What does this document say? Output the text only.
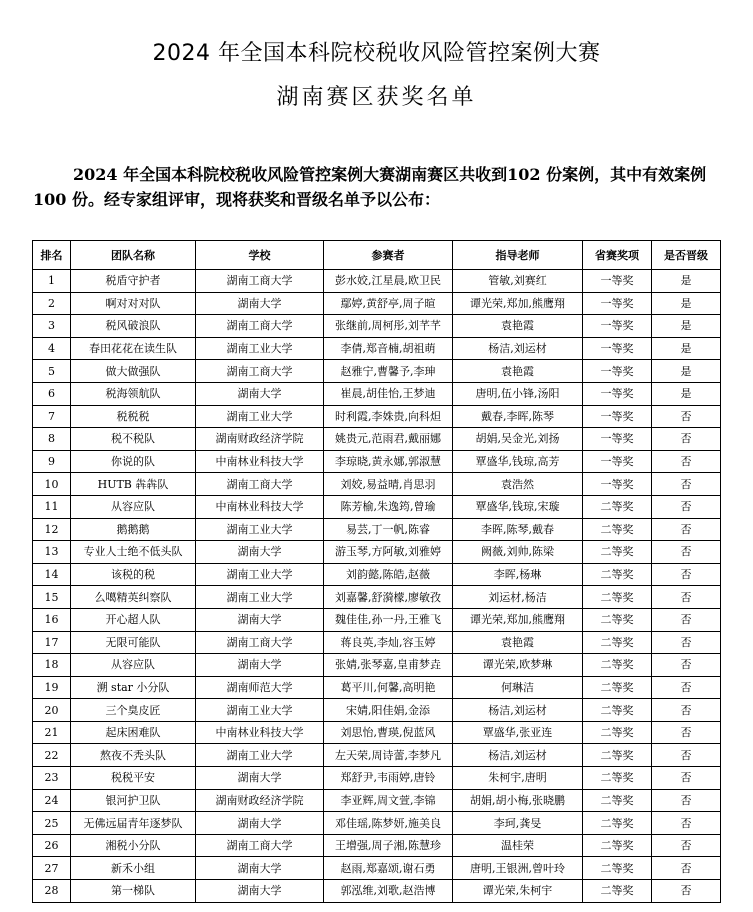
2024 年全国本科院校税收风险管控案例大赛
湖南赛区获奖名单
2024 年全国本科院校税收风险管控案例大赛湖南赛区共收到102 份案例，其中有效案例 100 份。经专家组评审，现将获奖和晋级名单予以公布：
排名	团队名称	学校	参赛者	指导老师	省赛奖项	是否晋级
1	税盾守护者	湖南工商大学	彭水姣,江星晨,欧卫民	管敏,刘赛红	一等奖	是
2	啊对对对队	湖南大学	鄢婷,黄舒亭,周子暄	谭光荣,郑加,熊鹰翔	一等奖	是
3	税风破浪队	湖南工商大学	张继前,周柯彤,刘芊芊	袁艳霞	一等奖	是
4	春田花花在读生队	湖南工业大学	李倩,郑音楠,胡祖萌	杨洁,刘运材	一等奖	是
5	做大做强队	湖南工商大学	赵雅宁,曹馨予,李珅	袁艳霞	一等奖	是
6	税海领航队	湖南大学	崔晨,胡佳怡,王梦迪	唐明,伍小锋,汤阳	一等奖	是
7	税税税	湖南工业大学	时利霞,李姝贵,向科炟	戴春,李晖,陈琴	一等奖	否
8	税不税队	湖南财政经济学院	姚贵元,范雨君,戴丽娜	胡娟,吴金光,刘扬	一等奖	否
9	你说的队	中南林业科技大学	李琼晓,黄永娜,郭淑慧	覃盛华,钱琼,高芳	一等奖	否
10	HUTB 犇犇队	湖南工商大学	刘姣,易益晴,肖思羽	袁浩然	一等奖	否
11	从容应队	中南林业科技大学	陈芳榆,朱逸筠,曾瑜	覃盛华,钱琼,宋璇	二等奖	否
12	鹅鹅鹅	湖南工业大学	易芸,丁一帆,陈睿	李晖,陈琴,戴春	二等奖	否
13	专业人士绝不低头队	湖南大学	游玉琴,方阿敏,刘雅婷	阙薇,刘帅,陈梁	二等奖	否
14	该税的税	湖南工业大学	刘韵懿,陈皓,赵薇	李晖,杨琳	二等奖	否
15	么噶精英纠察队	湖南工业大学	刘嘉馨,舒漪檬,廖敏孜	刘运材,杨洁	二等奖	否
16	开心超人队	湖南大学	魏佳佳,孙一丹,王雅飞	谭光荣,郑加,熊鹰翔	二等奖	否
17	无限可能队	湖南工商大学	蒋良英,李灿,容玉婷	袁艳霞	二等奖	否
18	从容应队	湖南大学	张婧,张琴嘉,皇甫梦垚	谭光荣,欧梦琳	二等奖	否
19	溯 star 小分队	湖南师范大学	葛平川,何馨,高明艳	何琳洁	二等奖	否
20	三个臭皮匠	湖南工业大学	宋婧,阳佳娟,金添	杨洁,刘运材	二等奖	否
21	起床困难队	中南林业科技大学	刘思怡,曹瑛,倪蓝风	覃盛华,张亚连	二等奖	否
22	熬夜不秃头队	湖南工业大学	左天荣,周诗蕾,李梦凡	杨洁,刘运材	二等奖	否
23	税税平安	湖南大学	郑舒尹,韦雨婷,唐铃	朱柯宇,唐明	二等奖	否
24	银河护卫队	湖南财政经济学院	李亚辉,周文萱,李锦	胡娟,胡小梅,张晓鹏	二等奖	否
25	无佛远届青年逐梦队	湖南大学	邓佳瑶,陈梦妍,施美良	李珂,龚旻	二等奖	否
26	湘税小分队	湖南工商大学	王增强,周子湘,陈慧珍	温桂荣	二等奖	否
27	新禾小组	湖南大学	赵雨,郑嘉颂,谢石勇	唐明,王银洲,曾叶玲	二等奖	否
28	第一梯队	湖南大学	郭泓维,刘歌,赵浩博	谭光荣,朱柯宇	二等奖	否
